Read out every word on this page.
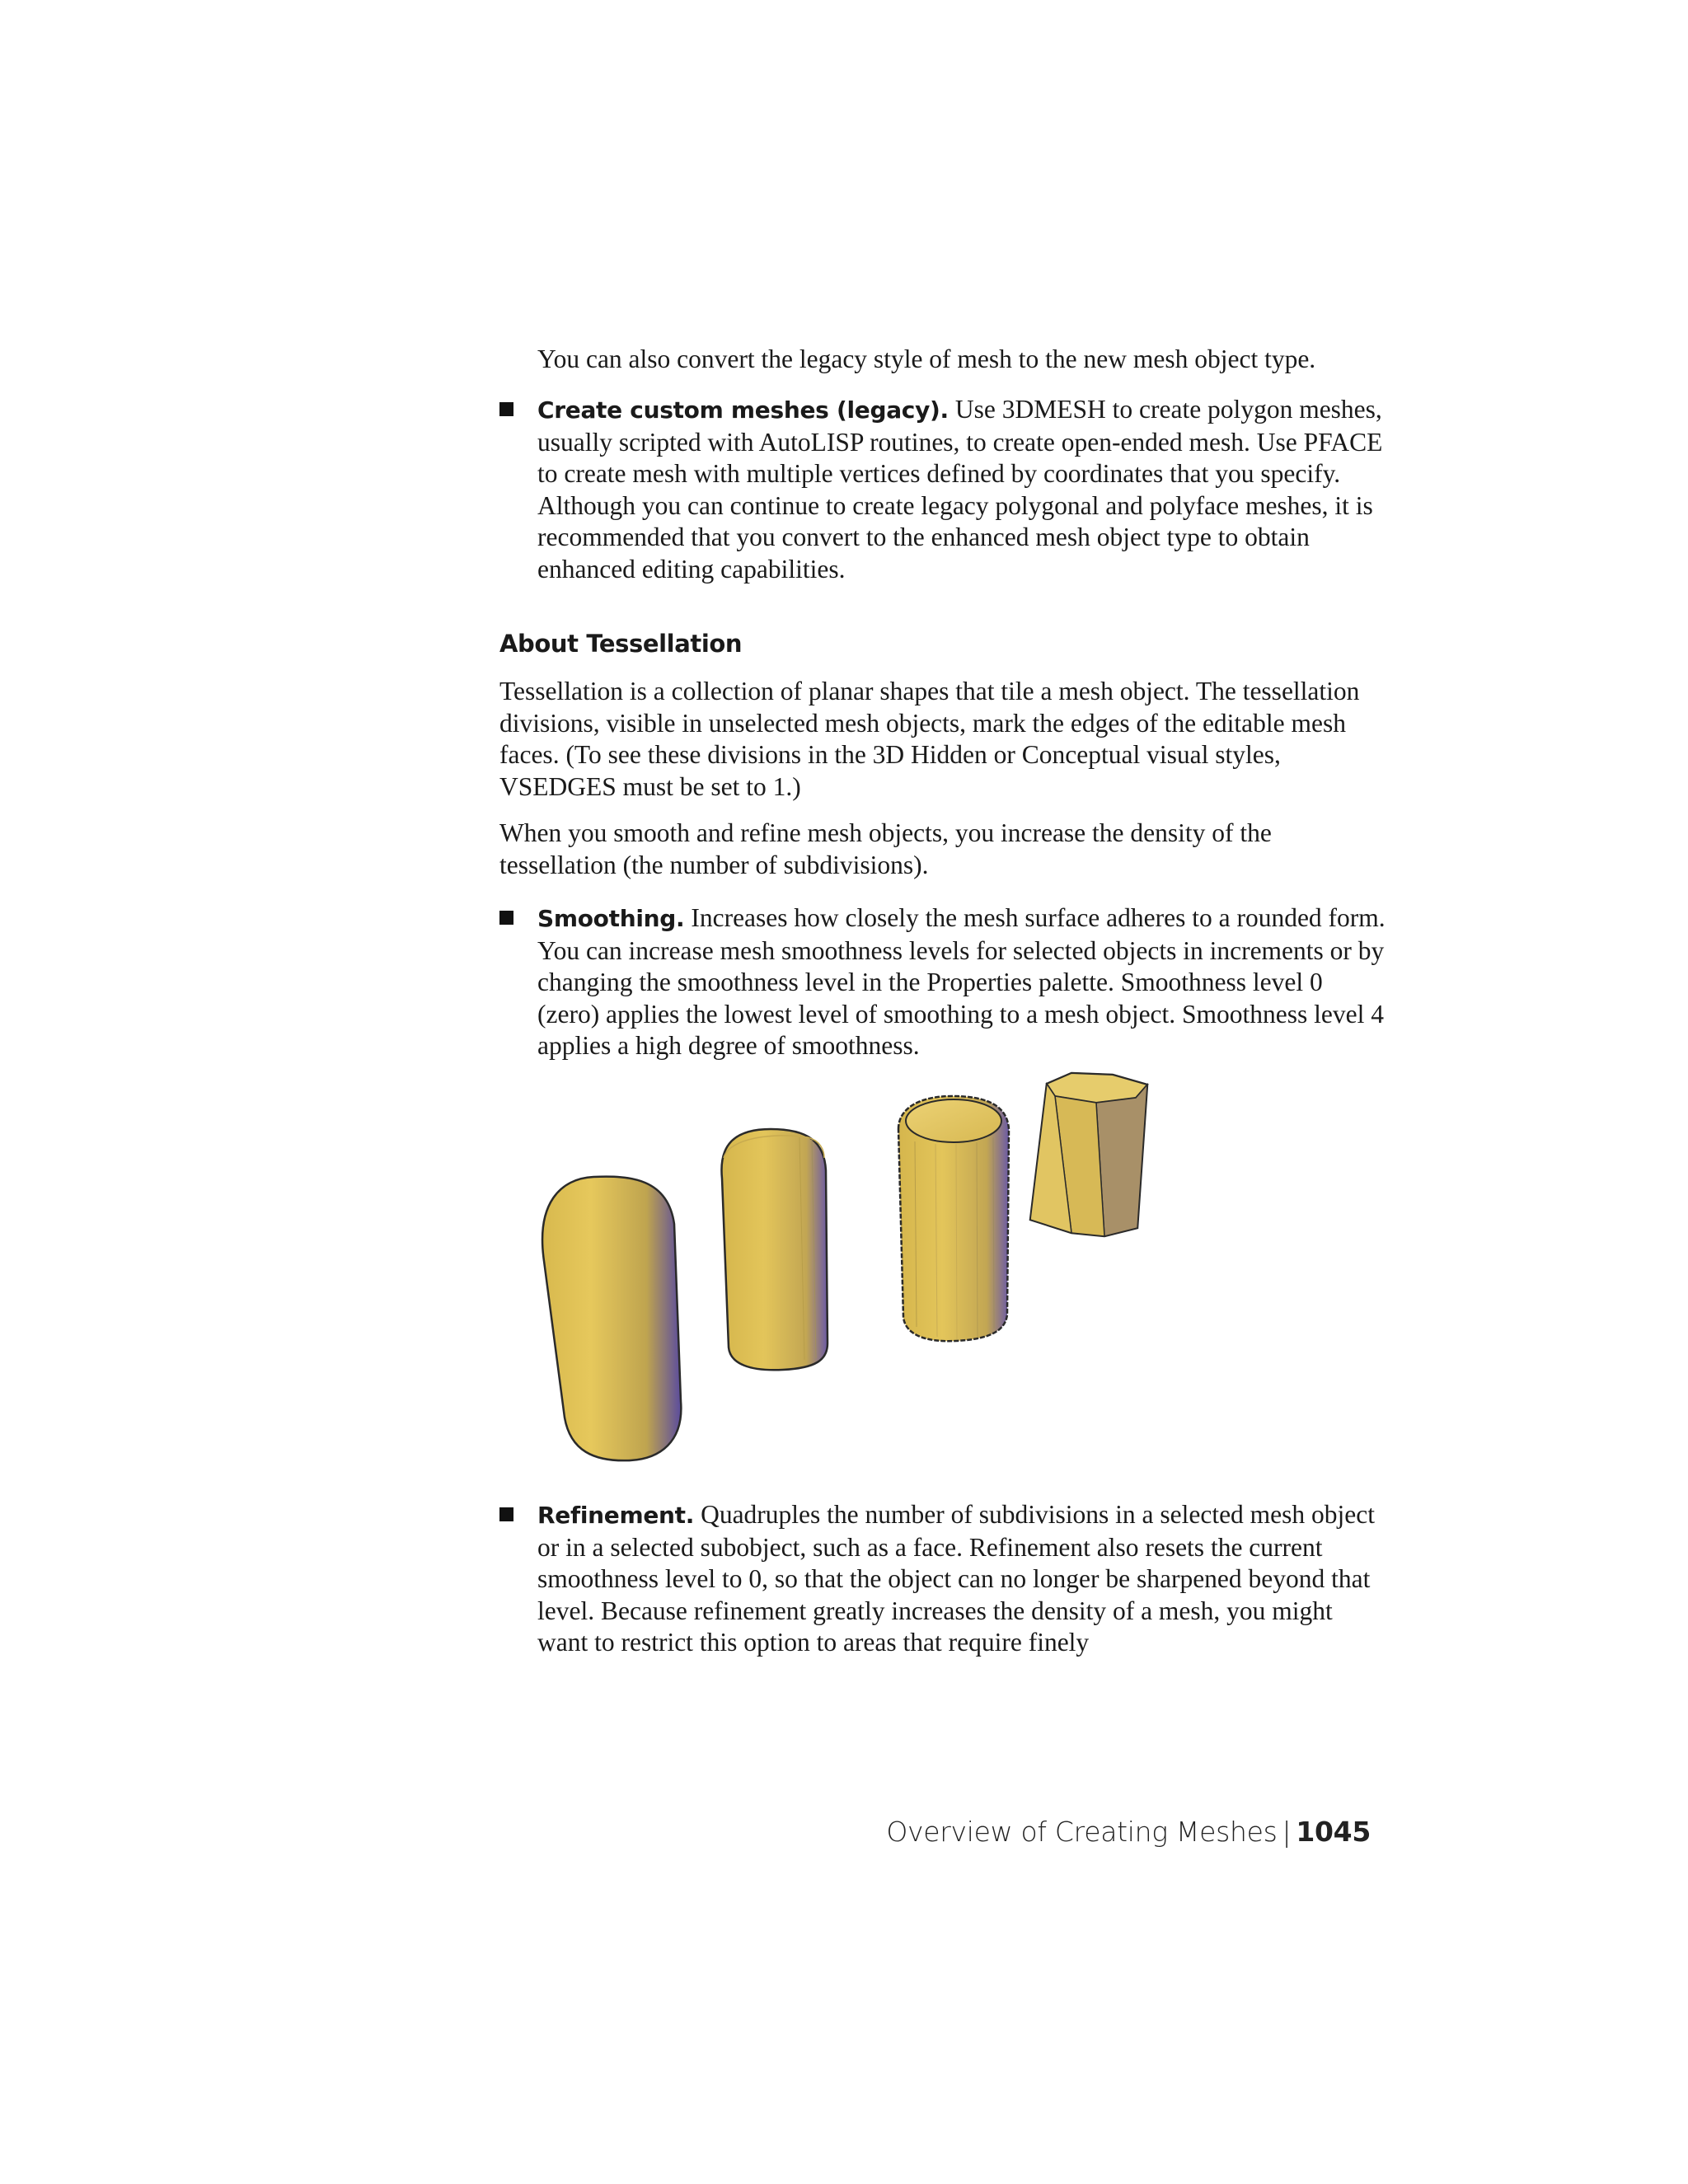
You can also convert the legacy style of mesh to the new mesh object type.

Create custom meshes (legacy). Use 3DMESH to create polygon meshes, usually scripted with AutoLISP routines, to create open-ended mesh. Use PFACE to create mesh with multiple vertices defined by coordinates that you specify. Although you can continue to create legacy polygonal and polyface meshes, it is recommended that you convert to the enhanced mesh object type to obtain enhanced editing capabilities.

About Tessellation

Tessellation is a collection of planar shapes that tile a mesh object. The tessellation divisions, visible in unselected mesh objects, mark the edges of the editable mesh faces. (To see these divisions in the 3D Hidden or Conceptual visual styles, VSEDGES must be set to 1.)

When you smooth and refine mesh objects, you increase the density of the tessellation (the number of subdivisions).

Smoothing. Increases how closely the mesh surface adheres to a rounded form. You can increase mesh smoothness levels for selected objects in increments or by changing the smoothness level in the Properties palette. Smoothness level 0 (zero) applies the lowest level of smoothing to a mesh object. Smoothness level 4 applies a high degree of smoothness.

Refinement. Quadruples the number of subdivisions in a selected mesh object or in a selected subobject, such as a face. Refinement also resets the current smoothness level to 0, so that the object can no longer be sharpened beyond that level. Because refinement greatly increases the density of a mesh, you might want to restrict this option to areas that require finely

Overview of Creating Meshes | 1045
